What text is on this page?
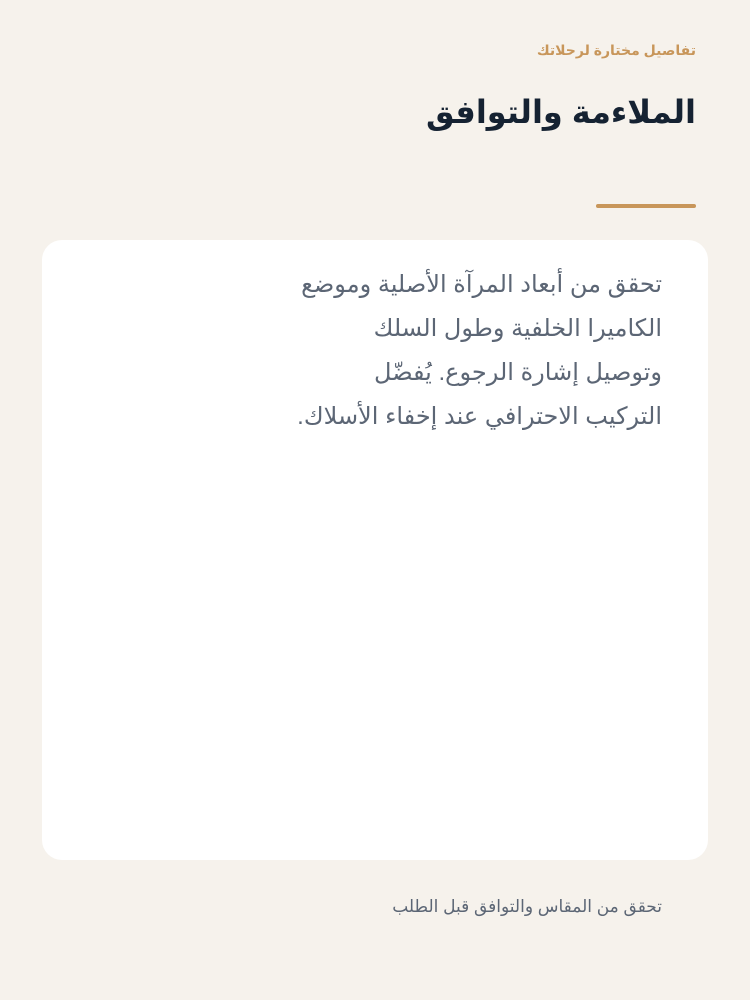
تفاصيل مختارة لرحلاتك
الملاءمة والتوافق

تحقق من أبعاد المرآة الأصلية وموضع الكاميرا الخلفية وطول السلك وتوصيل إشارة الرجوع. يُفضّل التركيب الاحترافي عند إخفاء الأسلاك.

تحقق من المقاس والتوافق قبل الطلب
